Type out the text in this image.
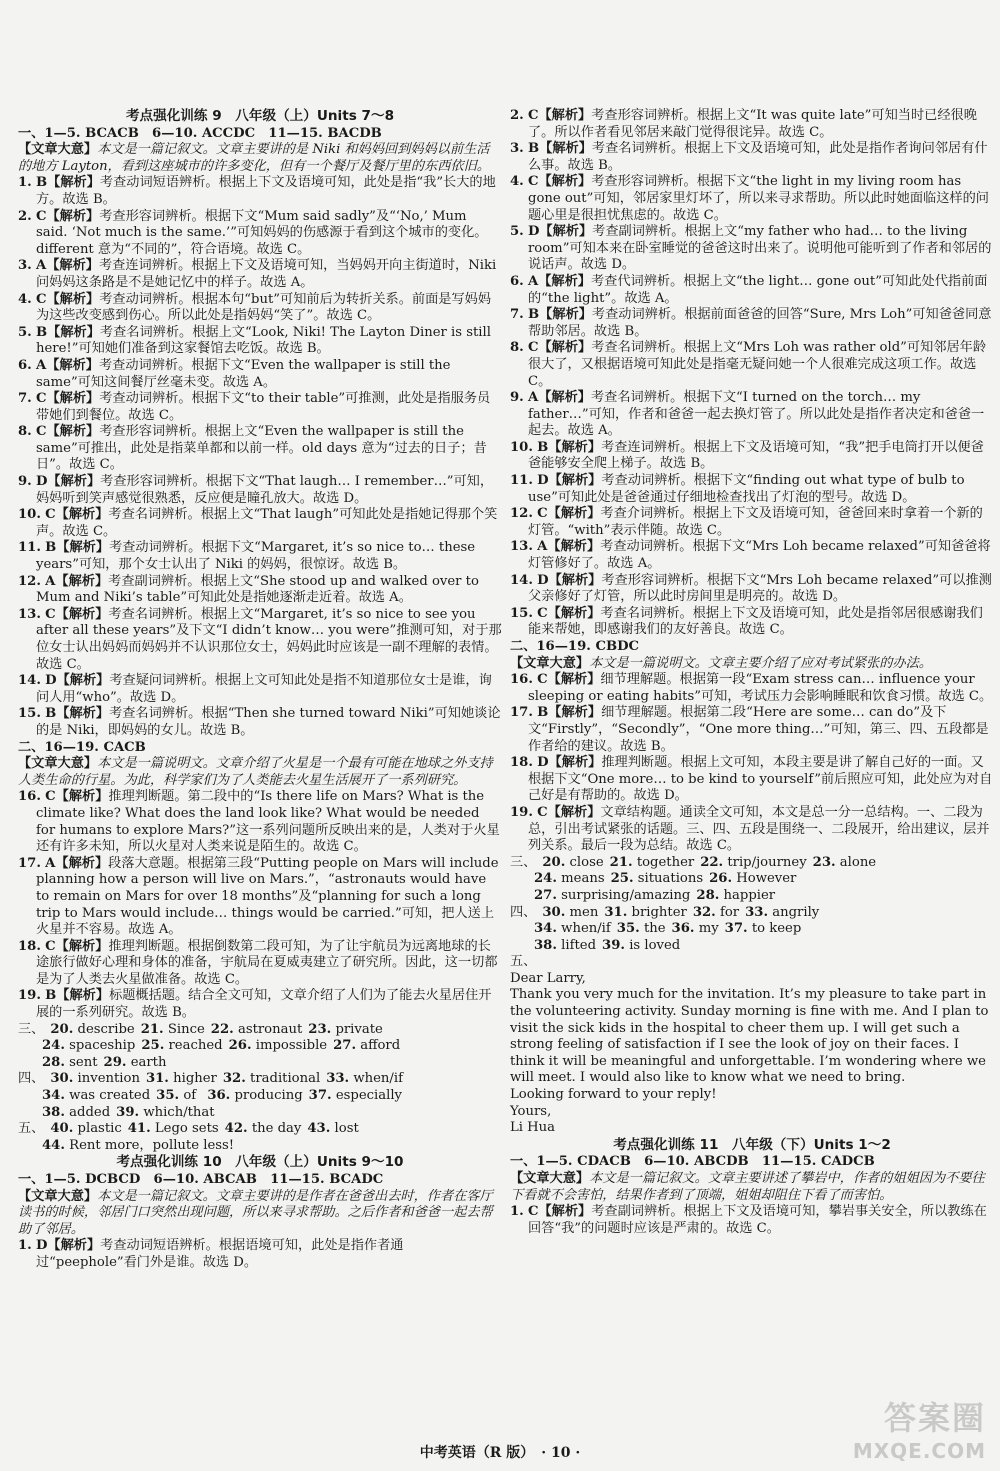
考点强化训练 9　八年级（上）Units 7～8

一、1—5. BCACB　6—10. ACCDC　11—15. BACDB

【文章大意】本文是一篇记叙文。文章主要讲的是 Niki 和妈妈回到妈妈以前生活的地方 Layton，看到这座城市的许多变化，但有一个餐厅及餐厅里的东西依旧。

1. B【解析】考查动词短语辨析。根据上下文及语境可知，此处是指“我”长大的地方。故选 B。

2. C【解析】考查形容词辨析。根据下文“Mum said sadly”及“‘No,’ Mum said. ‘Not much is the same.’”可知妈妈的伤感源于看到这个城市的变化。different 意为“不同的”，符合语境。故选 C。

3. A【解析】考查连词辨析。根据上下文及语境可知，当妈妈开向主街道时，Niki 问妈妈这条路是不是她记忆中的样子。故选 A。

4. C【解析】考查动词辨析。根据本句“but”可知前后为转折关系。前面是写妈妈为这些改变感到伤心。所以此处是指妈妈“笑了”。故选 C。

5. B【解析】考查名词辨析。根据上文“Look, Niki! The Layton Diner is still here!”可知她们准备到这家餐馆去吃饭。故选 B。

6. A【解析】考查动词辨析。根据下文“Even the wallpaper is still the same”可知这间餐厅丝毫未变。故选 A。

7. C【解析】考查动词辨析。根据下文“to their table”可推测，此处是指服务员带她们到餐位。故选 C。

8. C【解析】考查形容词辨析。根据上文“Even the wallpaper is still the same”可推出，此处是指菜单都和以前一样。old days 意为“过去的日子；昔日”。故选 C。

9. D【解析】考查形容词辨析。根据下文“That laugh… I remember…”可知，妈妈听到笑声感觉很熟悉，反应便是瞳孔放大。故选 D。

10. C【解析】考查名词辨析。根据上文“That laugh”可知此处是指她记得那个笑声。故选 C。

11. B【解析】考查动词辨析。根据下文“Margaret, it’s so nice to… these years”可知，那个女士认出了 Niki 的妈妈，很惊讶。故选 B。

12. A【解析】考查副词辨析。根据上文“She stood up and walked over to Mum and Niki’s table”可知此处是指她逐渐走近着。故选 A。

13. C【解析】考查名词辨析。根据上文“Margaret, it’s so nice to see you after all these years”及下文“I didn’t know… you were”推测可知，对于那位女士认出妈妈而妈妈并不认识那位女士，妈妈此时应该是一副不理解的表情。故选 C。

14. D【解析】考查疑问词辨析。根据上文可知此处是指不知道那位女士是谁，询问人用“who”。故选 D。

15. B【解析】考查名词辨析。根据“Then she turned toward Niki”可知她谈论的是 Niki，即妈妈的女儿。故选 B。

二、16—19. CACB

【文章大意】本文是一篇说明文。文章介绍了火星是一个最有可能在地球之外支持人类生命的行星。为此，科学家们为了人类能去火星生活展开了一系列研究。

16. C【解析】推理判断题。第二段中的“Is there life on Mars? What is the climate like? What does the land look like? What would be needed for humans to explore Mars?”这一系列问题所反映出来的是，人类对于火星还有许多未知，所以火星对人类来说是陌生的。故选 C。

17. A【解析】段落大意题。根据第三段“Putting people on Mars will include planning how a person will live on Mars.”，“astronauts would have to remain on Mars for over 18 months”及“planning for such a long trip to Mars would include… things would be carried.”可知，把人送上火星并不容易。故选 A。

18. C【解析】推理判断题。根据倒数第二段可知，为了让宇航员为远离地球的长途旅行做好心理和身体的准备，宇航局在夏威夷建立了研究所。因此，这一切都是为了人类去火星做准备。故选 C。

19. B【解析】标题概括题。结合全文可知，文章介绍了人们为了能去火星居住开展的一系列研究。故选 B。

三、 20. describe 21. Since 22. astronaut 23. private

24. spaceship 25. reached 26. impossible 27. afford

28. sent 29. earth

四、 30. invention 31. higher 32. traditional 33. when/if

34. was created 35. of 36. producing 37. especially

38. added 39. which/that

五、 40. plastic 41. Lego sets 42. the day 43. lost

44. Rent more，pollute less!

考点强化训练 10　八年级（上）Units 9～10

一、1—5. DCBCD　6—10. ABCAB　11—15. BCADC

【文章大意】本文是一篇记叙文。文章主要讲的是作者在爸爸出去时，作者在客厅读书的时候，邻居门口突然出现问题，所以来寻求帮助。之后作者和爸爸一起去帮助了邻居。

1. D【解析】考查动词短语辨析。根据语境可知，此处是指作者通过“peephole”看门外是谁。故选 D。

2. C【解析】考查形容词辨析。根据上文“It was quite late”可知当时已经很晚了。所以作者看见邻居来敲门觉得很诧异。故选 C。

3. B【解析】考查名词辨析。根据上下文及语境可知，此处是指作者询问邻居有什么事。故选 B。

4. C【解析】考查形容词辨析。根据下文“the light in my living room has gone out”可知，邻居家里灯坏了，所以来寻求帮助。所以此时她面临这样的问题心里是很担忧焦虑的。故选 C。

5. D【解析】考查副词辨析。根据上文“my father who had… to the living room”可知本来在卧室睡觉的爸爸这时出来了。说明他可能听到了作者和邻居的说话声。故选 D。

6. A【解析】考查代词辨析。根据上文“the light… gone out”可知此处代指前面的“the light”。故选 A。

7. B【解析】考查动词辨析。根据前面爸爸的回答“Sure, Mrs Loh”可知爸爸同意帮助邻居。故选 B。

8. C【解析】考查名词辨析。根据上文“Mrs Loh was rather old”可知邻居年龄很大了，又根据语境可知此处是指毫无疑问她一个人很难完成这项工作。故选 C。

9. A【解析】考查名词辨析。根据下文“I turned on the torch… my father…”可知，作者和爸爸一起去换灯管了。所以此处是指作者决定和爸爸一起去。故选 A。

10. B【解析】考查连词辨析。根据上下文及语境可知，“我”把手电筒打开以便爸爸能够安全爬上梯子。故选 B。

11. D【解析】考查动词辨析。根据下文“finding out what type of bulb to use”可知此处是爸爸通过仔细地检查找出了灯泡的型号。故选 D。

12. C【解析】考查介词辨析。根据上下文及语境可知，爸爸回来时拿着一个新的灯管。“with”表示伴随。故选 C。

13. A【解析】考查动词辨析。根据下文“Mrs Loh became relaxed”可知爸爸将灯管修好了。故选 A。

14. D【解析】考查形容词辨析。根据下文“Mrs Loh became relaxed”可以推测父亲修好了灯管，所以此时房间里是明亮的。故选 D。

15. C【解析】考查名词辨析。根据上下文及语境可知，此处是指邻居很感谢我们能来帮她，即感谢我们的友好善良。故选 C。

二、16—19. CBDC

【文章大意】本文是一篇说明文。文章主要介绍了应对考试紧张的办法。

16. C【解析】细节理解题。根据第一段“Exam stress can… influence your sleeping or eating habits”可知，考试压力会影响睡眠和饮食习惯。故选 C。

17. B【解析】细节理解题。根据第二段“Here are some… can do”及下文“Firstly”，“Secondly”，“One more thing…”可知，第三、四、五段都是作者给的建议。故选 B。

18. D【解析】推理判断题。根据上文可知，本段主要是讲了解自己好的一面。又根据下文“One more… to be kind to yourself”前后照应可知，此处应为对自己好是有帮助的。故选 D。

19. C【解析】文章结构题。通读全文可知，本文是总一分一总结构。一、二段为总，引出考试紧张的话题。三、四、五段是围绕一、二段展开，给出建议，层并列关系。最后一段为总结。故选 C。

三、 20. close 21. together 22. trip/journey 23. alone

24. means 25. situations 26. However

27. surprising/amazing 28. happier

四、 30. men 31. brighter 32. for 33. angrily

34. when/if 35. the 36. my 37. to keep

38. lifted 39. is loved

五、

Dear Larry,

Thank you very much for the invitation. It’s my pleasure to take part in the volunteering activity. Sunday morning is fine with me. And I plan to visit the sick kids in the hospital to cheer them up. I will get such a strong feeling of satisfaction if I see the look of joy on their faces. I think it will be meaningful and unforgettable. I’m wondering where we will meet. I would also like to know what we need to bring.

Looking forward to your reply!

Yours,

Li Hua

考点强化训练 11　八年级（下）Units 1～2

一、1—5. CDACB　6—10. ABCDB　11—15. CADCB

【文章大意】本文是一篇记叙文。文章主要讲述了攀岩中，作者的姐姐因为不要往下看就不会害怕，结果作者到了顶端，姐姐却阻住下看了而害怕。

1. C【解析】考查副词辨析。根据上下文及语境可知，攀岩事关安全，所以教练在回答“我”的问题时应该是严肃的。故选 C。

中考英语（R 版）　· 10 ·
答案圈
MXQE.COM
